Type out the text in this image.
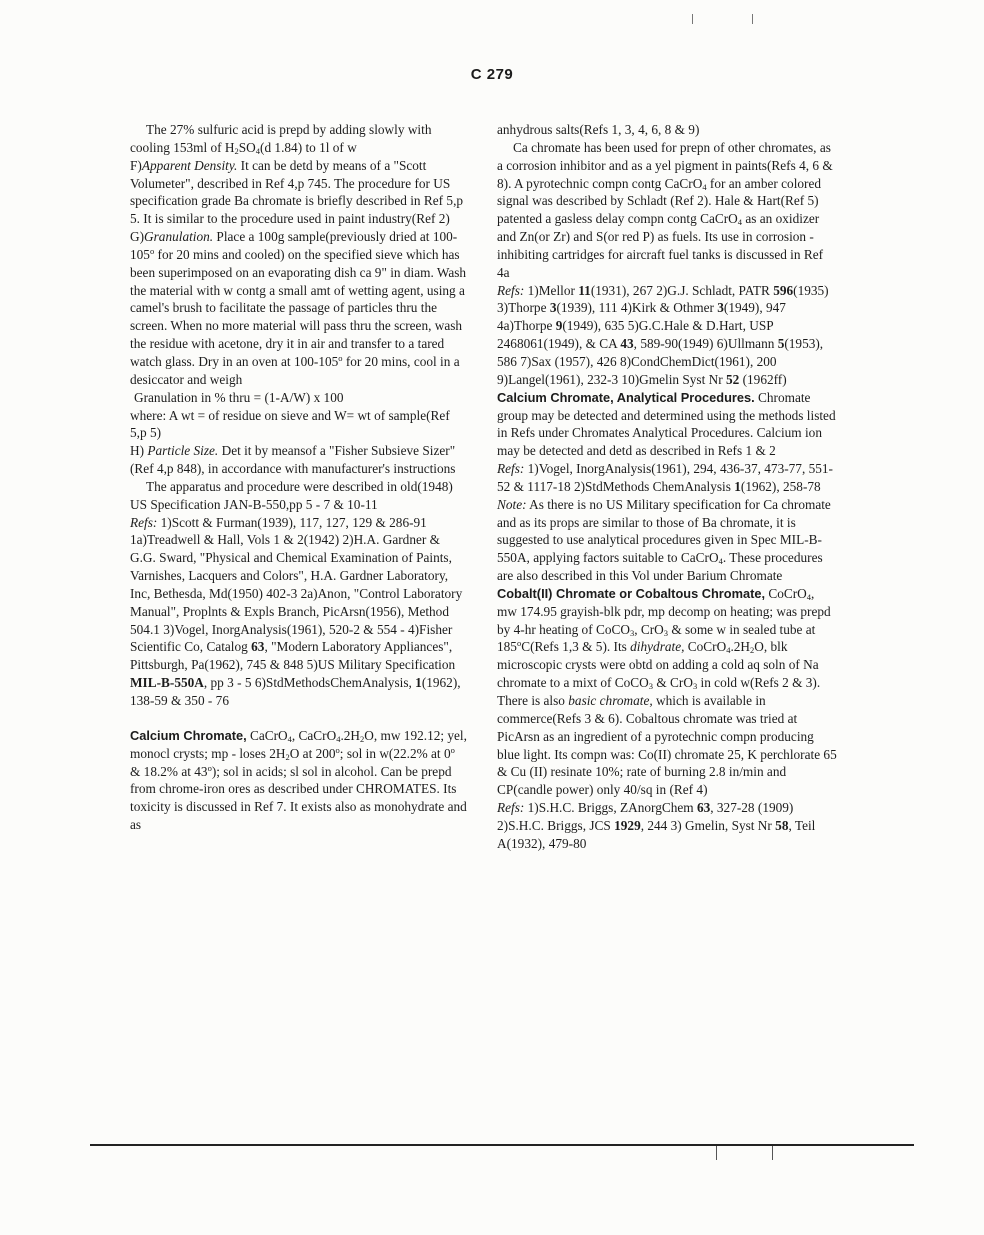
C 279

The 27% sulfuric acid is prepd by adding slowly with cooling 153ml of $H_2SO_4(d$ 1.84) to 1l of w

F)Apparent Density. It can be detd by means of a "Scott Volumeter", described in Ref 4,p 745. The procedure for US specification grade Ba chromate is briefly described in Ref 5,p 5. It is similar to the procedure used in paint industry(Ref 2)

G)Granulation. Place a 100g sample(previously dried at 100-105$^o$ for 20 mins and cooled) on the specified sieve which has been superimposed on an evaporating dish ca 9" in diam. Wash the material with w contg a small amt of wetting agent, using a camel's brush to facilitate the passage of particles thru the screen. When no more material will pass thru the screen, wash the residue with acetone, dry it in air and transfer to a tared watch glass. Dry in an oven at 100-105$^o$ for 20 mins, cool in a desiccator and weigh

Granulation in % thru = (1-A/W) x 100

where: A wt = of residue on sieve and W= wt of sample(Ref 5,p 5)

H) Particle Size. Det it by meansof a "Fisher Subsieve Sizer"(Ref 4,p 848), in accordance with manufacturer's instructions

The apparatus and procedure were described in old(1948) US Specification JAN-B-550,pp 5 - 7 & 10-11

Refs: 1)Scott & Furman(1939), 117, 127, 129 & 286-91 1a)Treadwell & Hall, Vols 1 & 2(1942) 2)H.A. Gardner & G.G. Sward, "Physical and Chemical Examination of Paints, Varnishes, Lacquers and Colors", H.A. Gardner Laboratory, Inc, Bethesda, Md(1950) 402-3 2a)Anon, "Control Laboratory Manual", Proplnts & Expls Branch, PicArsn(1956), Method 504.1 3)Vogel, InorgAnalysis(1961), 520-2 & 554 - 4)Fisher Scientific Co, Catalog 63, "Modern Laboratory Appliances", Pittsburgh, Pa(1962), 745 & 848 5)US Military Specification MIL-B-550A, pp 3 - 5 6)StdMethodsChemAnalysis, 1(1962), 138-59 & 350 - 76

Calcium Chromate, CaCrO$_4$, $CaCrO_4.2H_2O$, mw 192.12; yel, monocl crysts; mp - loses $2H_2O$ at 200$^o$; sol in w(22.2% at 0$^o$ & 18.2% at 43$^o$); sol in acids; sl sol in alcohol. Can be prepd from chrome-iron ores as described under CHROMATES. Its toxicity is discussed in Ref 7. It exists also as monohydrate and as

anhydrous salts(Refs 1, 3, 4, 6, 8 & 9)

Ca chromate has been used for prepn of other chromates, as a corrosion inhibitor and as a yel pigment in paints(Refs 4, 6 & 8). A pyrotechnic compn contg CaCrO$_4$ for an amber colored signal was described by Schladt (Ref 2). Hale & Hart(Ref 5) patented a gasless delay compn contg CaCrO$_4$ as an oxidizer and Zn(or Zr) and S(or red P) as fuels. Its use in corrosion - inhibiting cartridges for aircraft fuel tanks is discussed in Ref 4a

Refs: 1)Mellor 11(1931), 267 2)G.J. Schladt, PATR 596(1935) 3)Thorpe 3(1939), 111 4)Kirk & Othmer 3(1949), 947 4a)Thorpe 9(1949), 635 5)G.C.Hale & D.Hart, USP 2468061(1949), & CA 43, 589-90(1949) 6)Ullmann 5(1953), 586 7)Sax (1957), 426 8)CondChemDict(1961), 200 9)Langel(1961), 232-3 10)Gmelin Syst Nr 52 (1962ff)

Calcium Chromate, Analytical Procedures. Chromate group may be detected and determined using the methods listed in Refs under Chromates Analytical Procedures. Calcium ion may be detected and detd as described in Refs 1 & 2

Refs: 1)Vogel, InorgAnalysis(1961), 294, 436-37, 473-77, 551-52 & 1117-18 2)StdMethods ChemAnalysis 1(1962), 258-78

Note: As there is no US Military specification for Ca chromate and as its props are similar to those of Ba chromate, it is suggested to use analytical procedures given in Spec MIL-B-550A, applying factors suitable to CaCrO$_4$. These procedures are also described in this Vol under Barium Chromate

Cobalt(II) Chromate or Cobaltous Chromate, CoCrO$_4$, mw 174.95 grayish-blk pdr, mp decomp on heating; was prepd by 4-hr heating of CoCO$_3$, CrO$_3$ & some w in sealed tube at 185$^o$C(Refs 1,3 & 5). Its dihydrate, $CoCrO_4.2H_2O$, blk microscopic crysts were obtd on adding a cold aq soln of Na chromate to a mixt of CoCO$_3$ & CrO$_3$ in cold w(Refs 2 & 3). There is also basic chromate, which is available in commerce(Refs 3 & 6). Cobaltous chromate was tried at PicArsn as an ingredient of a pyrotechnic compn producing blue light. Its compn was: Co(II) chromate 25, K perchlorate 65 & Cu (II) resinate 10%; rate of burning 2.8 in/min and CP(candle power) only 40/sq in (Ref 4)

Refs: 1)S.H.C. Briggs, ZAnorgChem 63, 327-28 (1909) 2)S.H.C. Briggs, JCS 1929, 244 3) Gmelin, Syst Nr 58, Teil A(1932), 479-80
